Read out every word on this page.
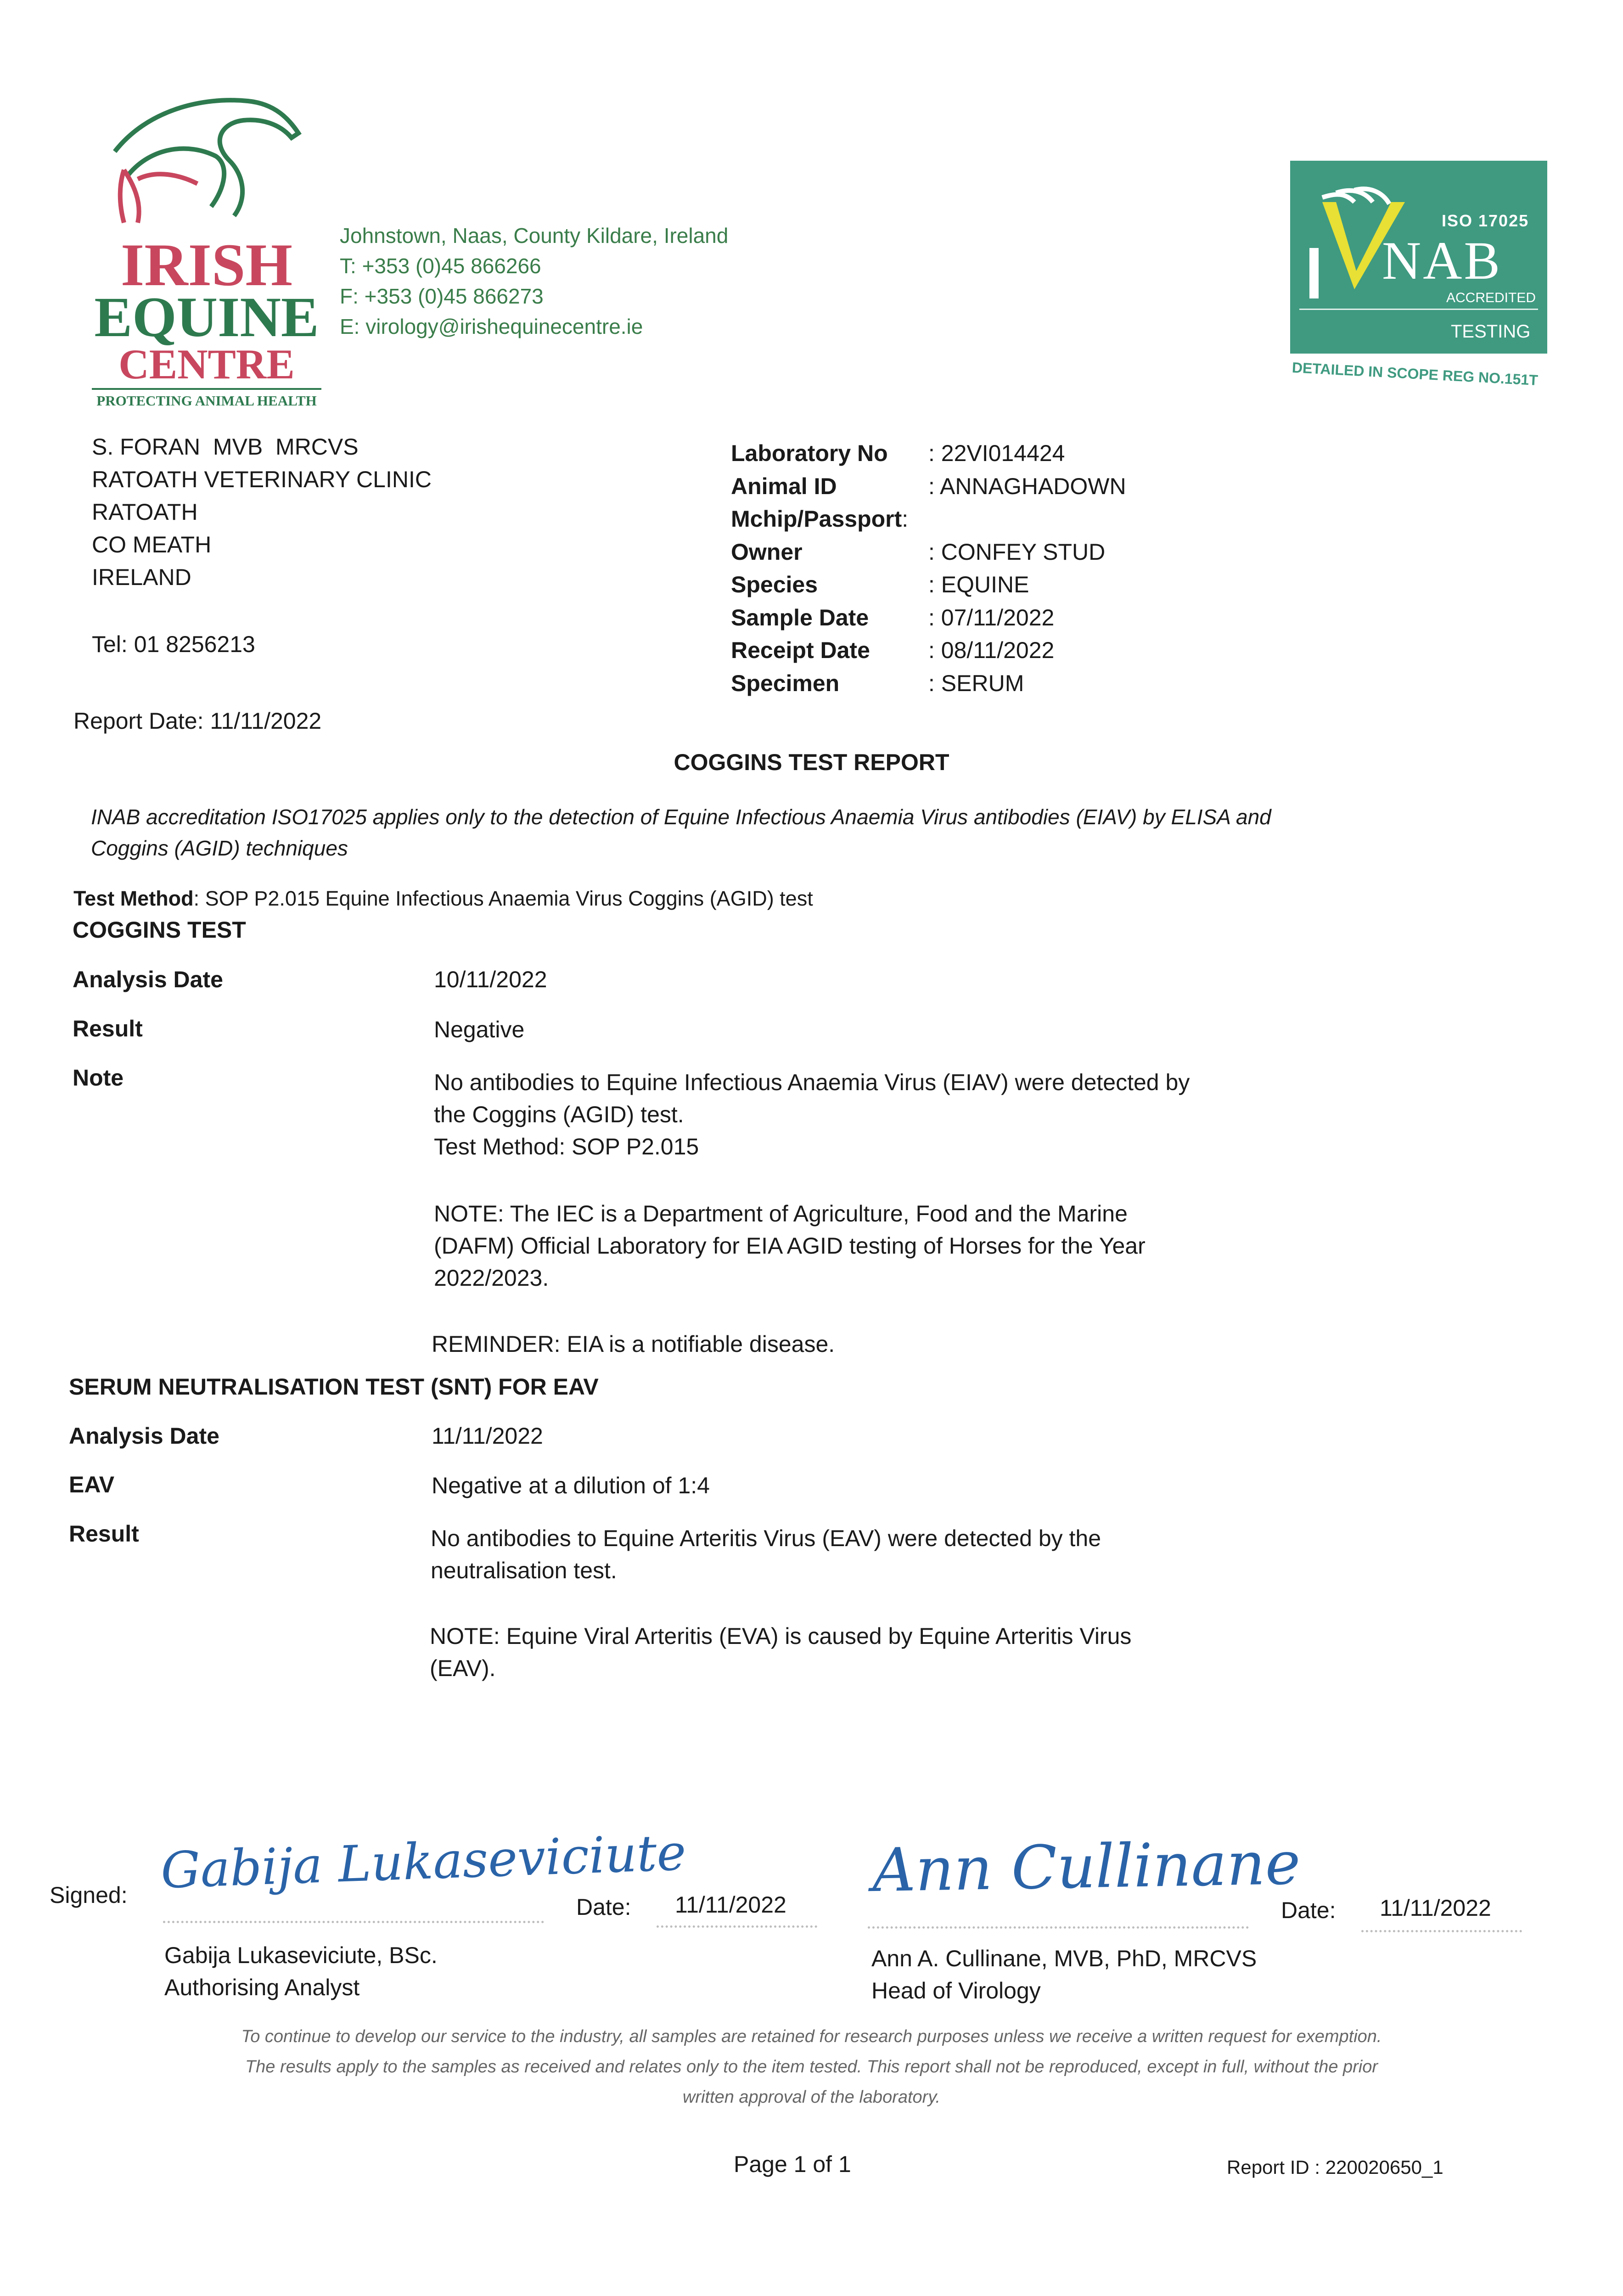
IRISH
EQUINE
CENTRE
PROTECTING ANIMAL HEALTH
Johnstown, Naas, County Kildare, Ireland
T: +353 (0)45 866266
F: +353 (0)45 866273
E: virology@irishequinecentre.ie
ISO 17025
NAB
ACCREDITED
TESTING
DETAILED IN SCOPE REG NO.151T
S. FORAN  MVB  MRCVS
RATOATH VETERINARY CLINIC
RATOATH
CO MEATH
IRELAND
Tel: 01 8256213
Laboratory No : 22VI014424
Animal ID	: ANNAGHADOWN
Mchip/Passport:
Owner	: CONFEY STUD
Species	: EQUINE
Sample Date	: 07/11/2022
Receipt Date	: 08/11/2022
Specimen	: SERUM
Report Date: 11/11/2022
COGGINS TEST REPORT
INAB accreditation ISO17025 applies only to the detection of Equine Infectious Anaemia Virus antibodies (EIAV) by ELISA and
Coggins (AGID) techniques
Test Method: SOP P2.015 Equine Infectious Anaemia Virus Coggins (AGID) test
COGGINS TEST
Analysis Date	10/11/2022
Result	Negative
Note	No antibodies to Equine Infectious Anaemia Virus (EIAV) were detected by
the Coggins (AGID) test.
Test Method: SOP P2.015
NOTE: The IEC is a Department of Agriculture, Food and the Marine
(DAFM) Official Laboratory for EIA AGID testing of Horses for the Year
2022/2023.
REMINDER: EIA is a notifiable disease.
SERUM NEUTRALISATION TEST (SNT) FOR EAV
Analysis Date	11/11/2022
EAV	Negative at a dilution of 1:4
Result	No antibodies to Equine Arteritis Virus (EAV) were detected by the
neutralisation test.
NOTE: Equine Viral Arteritis (EVA) is caused by Equine Arteritis Virus
(EAV).
Signed: Gabija Lukaseviciute
Date: 11/11/2022 Ann Cullinane
Date: 11/11/2022
Gabija Lukaseviciute, BSc.
Authorising Analyst
Ann A. Cullinane, MVB, PhD, MRCVS
Head of Virology
To continue to develop our service to the industry, all samples are retained for research purposes unless we receive a written request for exemption.
The results apply to the samples as received and relates only to the item tested. This report shall not be reproduced, except in full, without the prior
written approval of the laboratory.
Page 1 of 1	Report ID : 220020650_1
